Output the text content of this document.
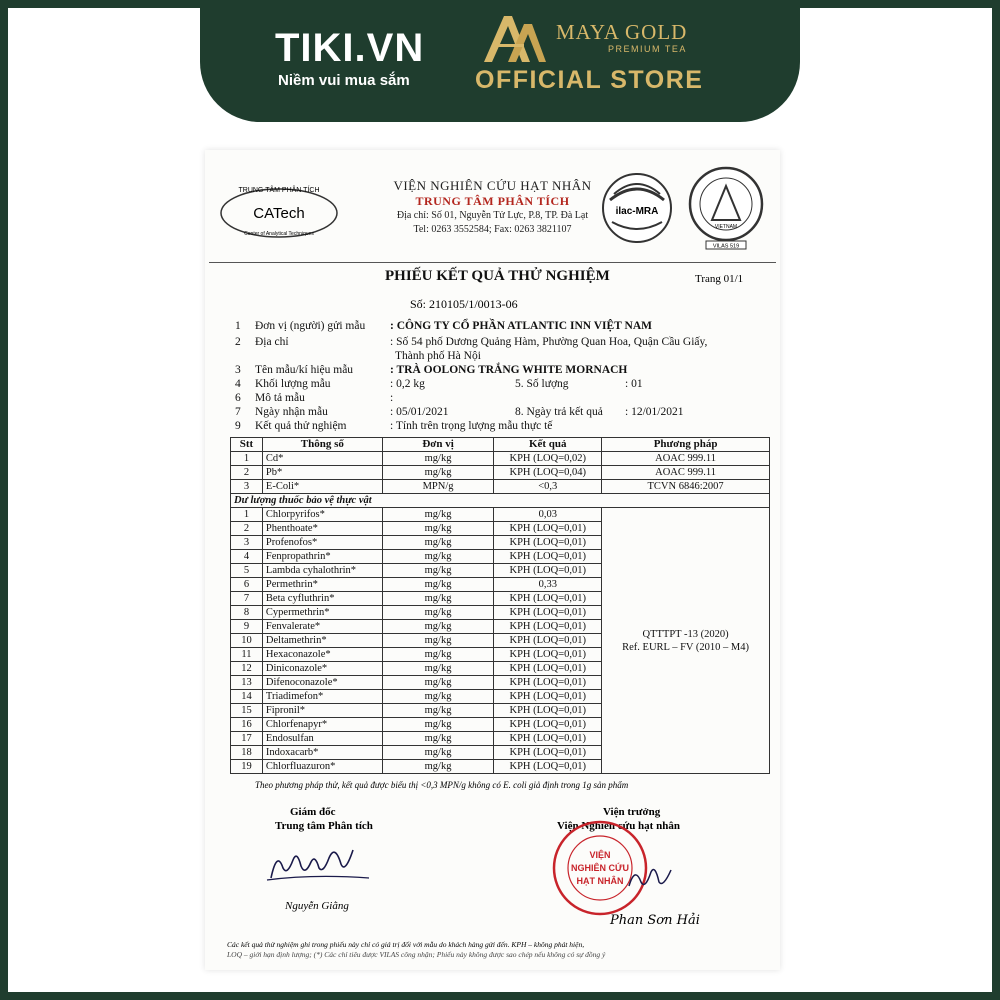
TIKI.VN
Niềm vui mua sắm
MAYA GOLD
PREMIUM TEA
OFFICIAL STORE
TRUNG TÂM PHÂN TÍCH
CATech
Center of Analytical Techniques
VIỆN NGHIÊN CỨU HẠT NHÂN
TRUNG TÂM PHÂN TÍCH
Địa chỉ: Số 01, Nguyễn Tử Lực, P.8, TP. Đà Lạt
Tel: 0263 3552584; Fax: 0263 3821107
ilac-MRA
VIETNAM
VILAS 519
PHIẾU KẾT QUẢ THỬ NGHIỆM	Trang 01/1
Số: 210105/1/0013-06
1 Đơn vị (người) gửi mẫu : CÔNG TY CỔ PHẦN ATLANTIC INN VIỆT NAM
2 Địa chỉ	: Số 54 phố Dương Quảng Hàm, Phường Quan Hoa, Quận Cầu Giấy,
Thành phố Hà Nội
3 Tên mẫu/kí hiệu mẫu	: TRÀ OOLONG TRẮNG WHITE MORNACH
4 Khối lượng mẫu	: 0,2 kg	5. Số lượng	: 01
6 Mô tả mẫu	:
7 Ngày nhận mẫu	: 05/01/2021	8. Ngày trả kết quả : 12/01/2021
9 Kết quả thử nghiệm	: Tính trên trọng lượng mẫu thực tế
Stt	Thông số	Đơn vị	Kết quả	Phương pháp
1	Cd*	mg/kg	KPH (LOQ=0,02)	AOAC 999.11
2	Pb*	mg/kg	KPH (LOQ=0,04)	AOAC 999.11
3	E-Coli*	MPN/g	<0,3	TCVN 6846:2007
Dư lượng thuốc bảo vệ thực vật				
1	Chlorpyrifos*	mg/kg	0,03	QTTTPT -13 (2020)
Ref. EURL – FV (2010 – M4)

2	Phenthoate*	mg/kg	KPH (LOQ=0,01)	
3	Profenofos*	mg/kg	KPH (LOQ=0,01)	
4	Fenpropathrin*	mg/kg	KPH (LOQ=0,01)	
5	Lambda cyhalothrin*	mg/kg	KPH (LOQ=0,01)	
6	Permethrin*	mg/kg	0,33	
7	Beta cyfluthrin*	mg/kg	KPH (LOQ=0,01)	
8	Cypermethrin*	mg/kg	KPH (LOQ=0,01)	
9	Fenvalerate*	mg/kg	KPH (LOQ=0,01)	
10	Deltamethrin*	mg/kg	KPH (LOQ=0,01)	
11	Hexaconazole*	mg/kg	KPH (LOQ=0,01)	
12	Diniconazole*	mg/kg	KPH (LOQ=0,01)	
13	Difenoconazole*	mg/kg	KPH (LOQ=0,01)	
14	Triadimefon*	mg/kg	KPH (LOQ=0,01)	
15	Fipronil*	mg/kg	KPH (LOQ=0,01)	
16	Chlorfenapyr*	mg/kg	KPH (LOQ=0,01)	
17	Endosulfan	mg/kg	KPH (LOQ=0,01)	
18	Indoxacarb*	mg/kg	KPH (LOQ=0,01)	
19	Chlorfluazuron*	mg/kg	KPH (LOQ=0,01)	
Theo phương pháp thử, kết quả được biểu thị <0,3 MPN/g không có E. coli giả định trong 1g sản phẩm
Giám đốc
Trung tâm Phân tích
Nguyễn Giằng
Viện trưởng
Viện Nghiên cứu hạt nhân
VIỆN
NGHIÊN CỨU
HẠT NHÂN
Phan Sơn Hải
Các kết quả thử nghiệm ghi trong phiếu này chỉ có giá trị đối với mẫu do khách hàng gửi đến. KPH – không phát hiện,
LOQ – giới hạn định lượng; (*) Các chỉ tiêu được VILAS công nhận; Phiếu này không được sao chép nếu không có sự đồng ý
